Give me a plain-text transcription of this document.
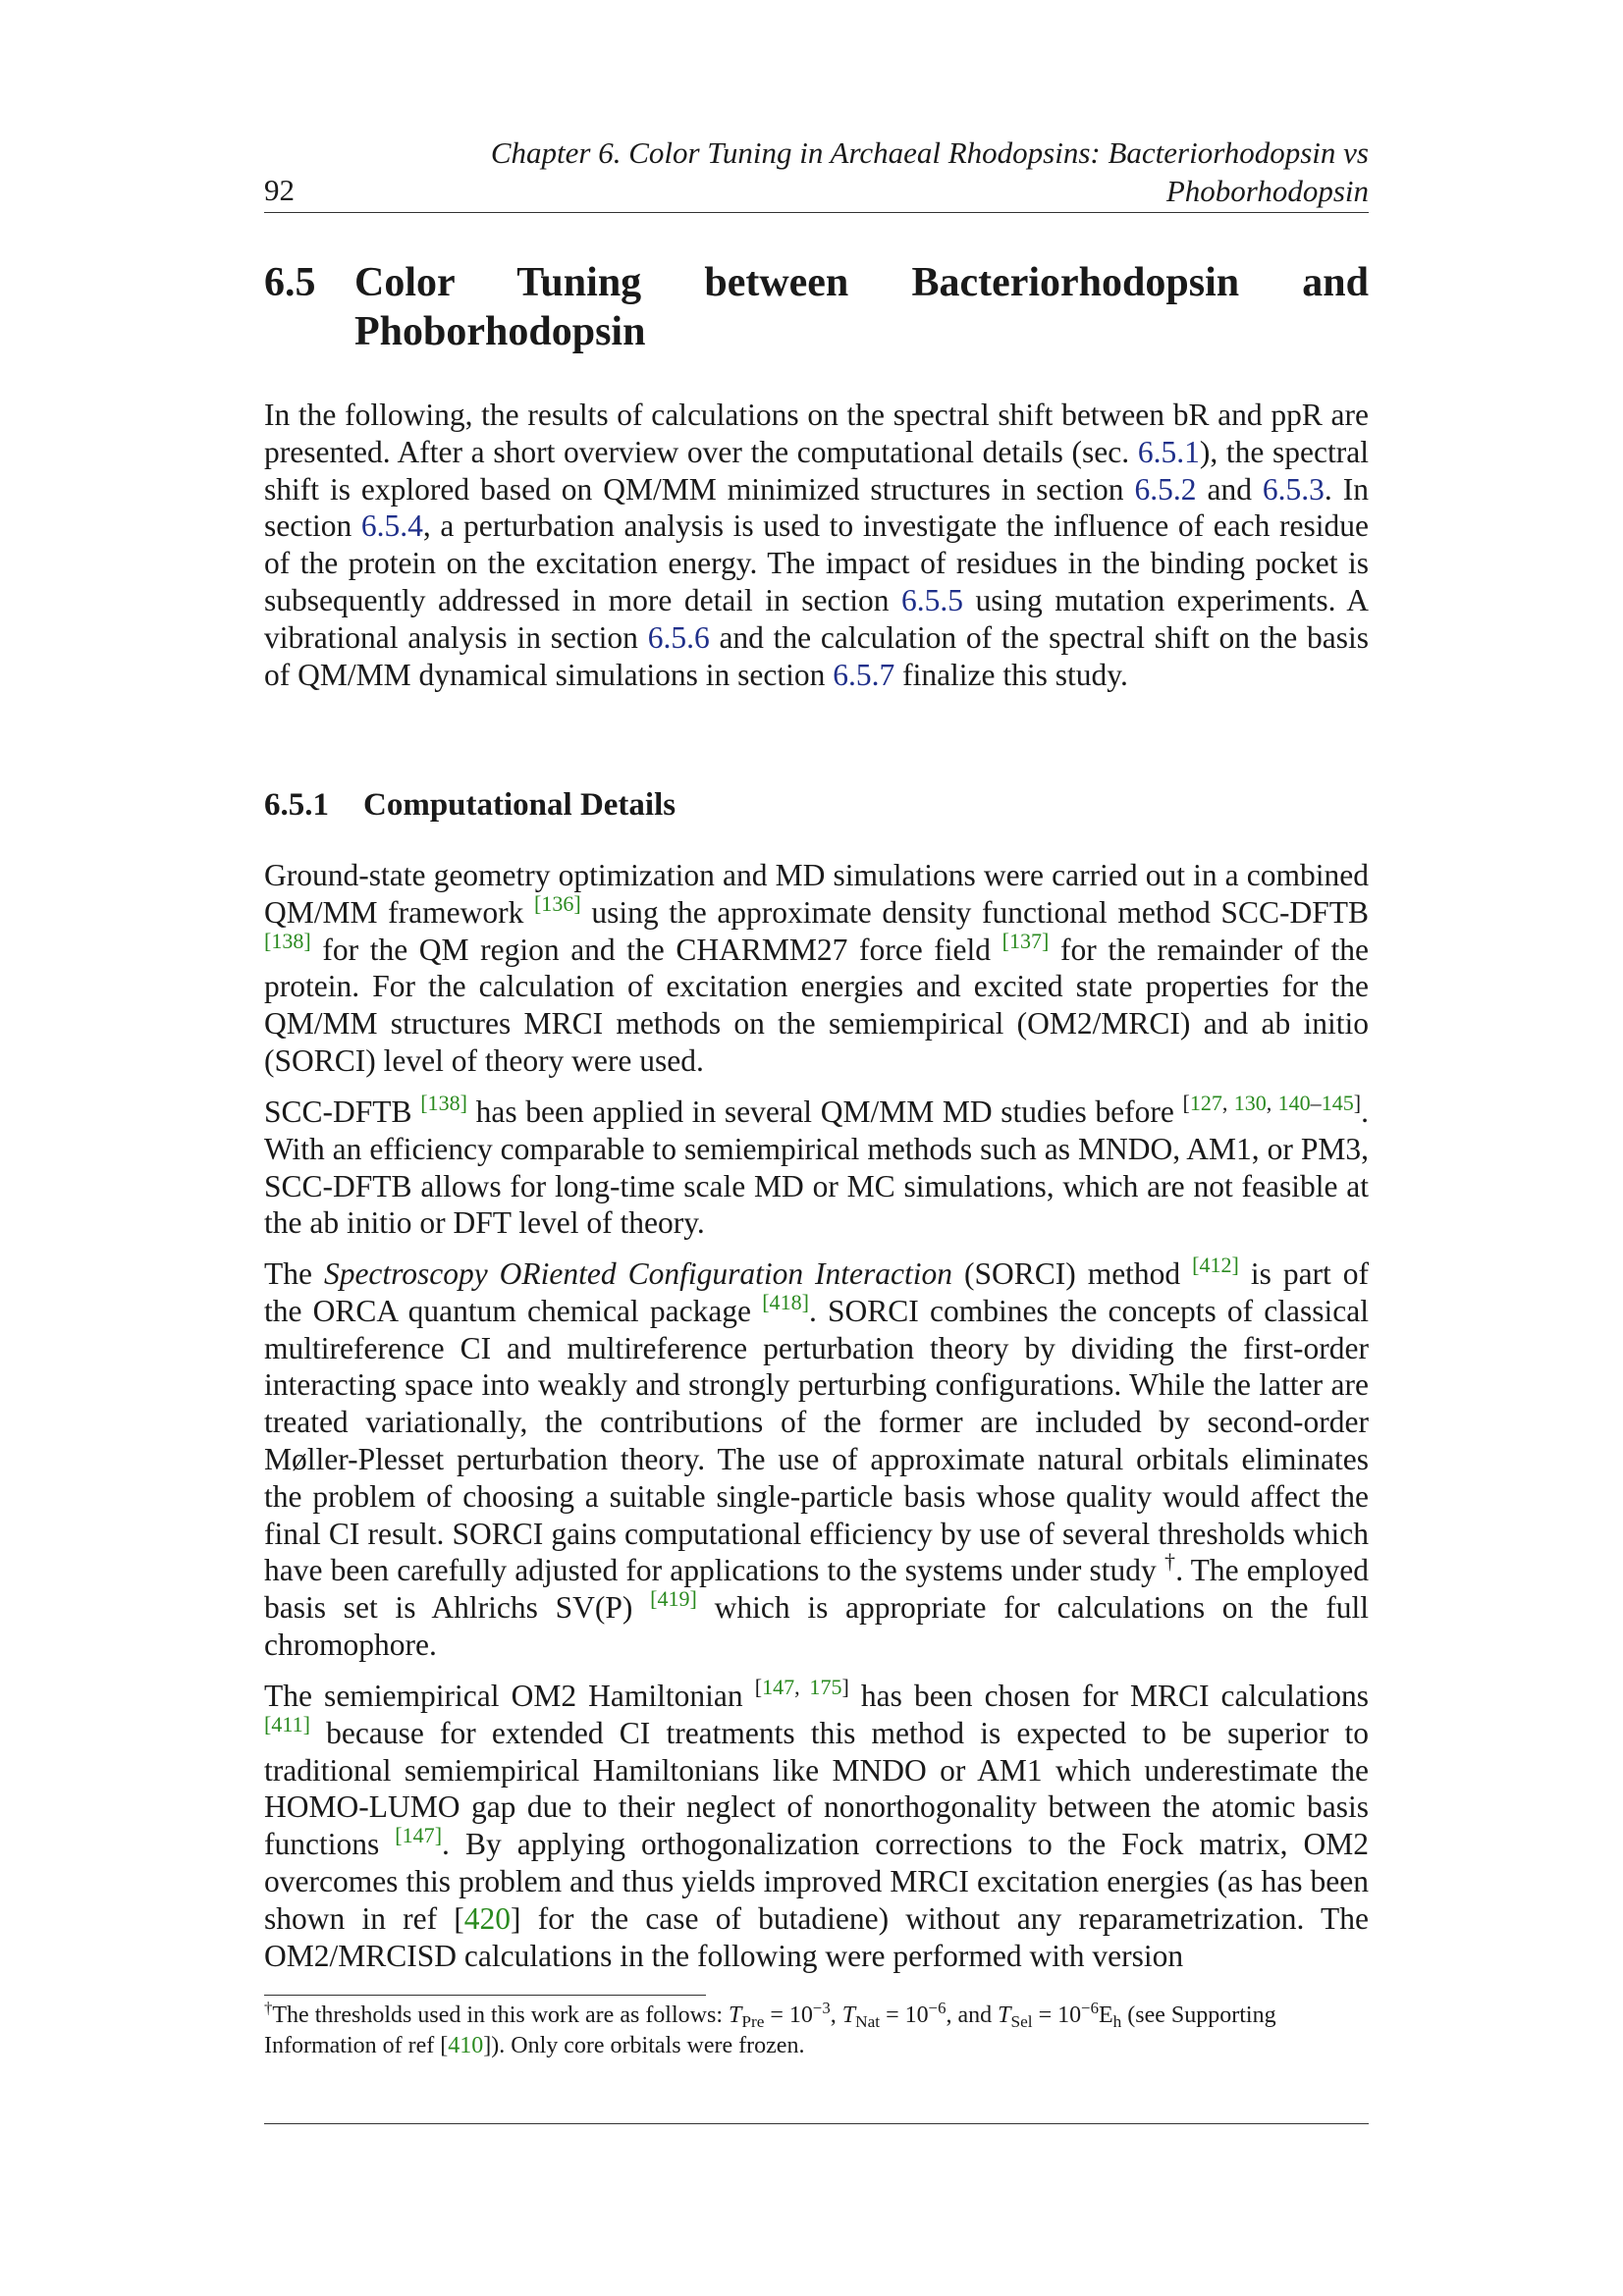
Chapter 6. Color Tuning in Archaeal Rhodopsins: Bacteriorhodopsin vs
Phoborhodopsin
92
6.5 Color Tuning between Bacteriorhodopsin and
Phoborhodopsin

In the following, the results of calculations on the spectral shift between bR and ppR are presented. After a short overview over the computational details (sec. 6.5.1), the spectral shift is explored based on QM/MM minimized structures in section 6.5.2 and 6.5.3. In section 6.5.4, a perturbation analysis is used to investigate the influence of each residue of the protein on the excitation energy. The impact of residues in the binding pocket is subsequently addressed in more detail in section 6.5.5 using mutation experiments. A vibrational analysis in section 6.5.6 and the calculation of the spectral shift on the basis of QM/MM dynamical simulations in section 6.5.7 finalize this study.

6.5.1 Computational Details

Ground-state geometry optimization and MD simulations were carried out in a combined QM/MM framework [136] using the approximate density functional method SCC-DFTB [138] for the QM region and the CHARMM27 force field [137] for the remainder of the protein. For the calculation of excitation energies and excited state properties for the QM/MM structures MRCI methods on the semiempirical (OM2/MRCI) and ab initio (SORCI) level of theory were used.

SCC-DFTB [138] has been applied in several QM/MM MD studies before [127, 130, 140–145]. With an efficiency comparable to semiempirical methods such as MNDO, AM1, or PM3, SCC-DFTB allows for long-time scale MD or MC simulations, which are not feasible at the ab initio or DFT level of theory.

The Spectroscopy ORiented Configuration Interaction (SORCI) method [412] is part of the ORCA quantum chemical package [418]. SORCI combines the concepts of classical multireference CI and multireference perturbation theory by dividing the first-order interacting space into weakly and strongly perturbing configurations. While the latter are treated variationally, the contributions of the former are included by second-order Møller-Plesset perturbation theory. The use of approximate natural orbitals eliminates the problem of choosing a suitable single-particle basis whose quality would affect the final CI result. SORCI gains computational efficiency by use of several thresholds which have been carefully adjusted for applications to the systems under study †. The employed basis set is Ahlrichs SV(P) [419] which is appropriate for calculations on the full chromophore.

The semiempirical OM2 Hamiltonian [147, 175] has been chosen for MRCI calculations [411] because for extended CI treatments this method is expected to be superior to traditional semiempirical Hamiltonians like MNDO or AM1 which underestimate the HOMO-LUMO gap due to their neglect of nonorthogonality between the atomic basis functions [147]. By applying orthogonalization corrections to the Fock matrix, OM2 overcomes this problem and thus yields improved MRCI excitation energies (as has been shown in ref [420] for the case of butadiene) without any reparametrization. The OM2/MRCISD calculations in the following were performed with version

†The thresholds used in this work are as follows: $T_{Pre} = 10^{-3}$, $T_{Nat} = 10^{-6}$, and $T_{Sel} = 10^{-6}E_h$ (see Supporting Information of ref [410]). Only core orbitals were frozen.
